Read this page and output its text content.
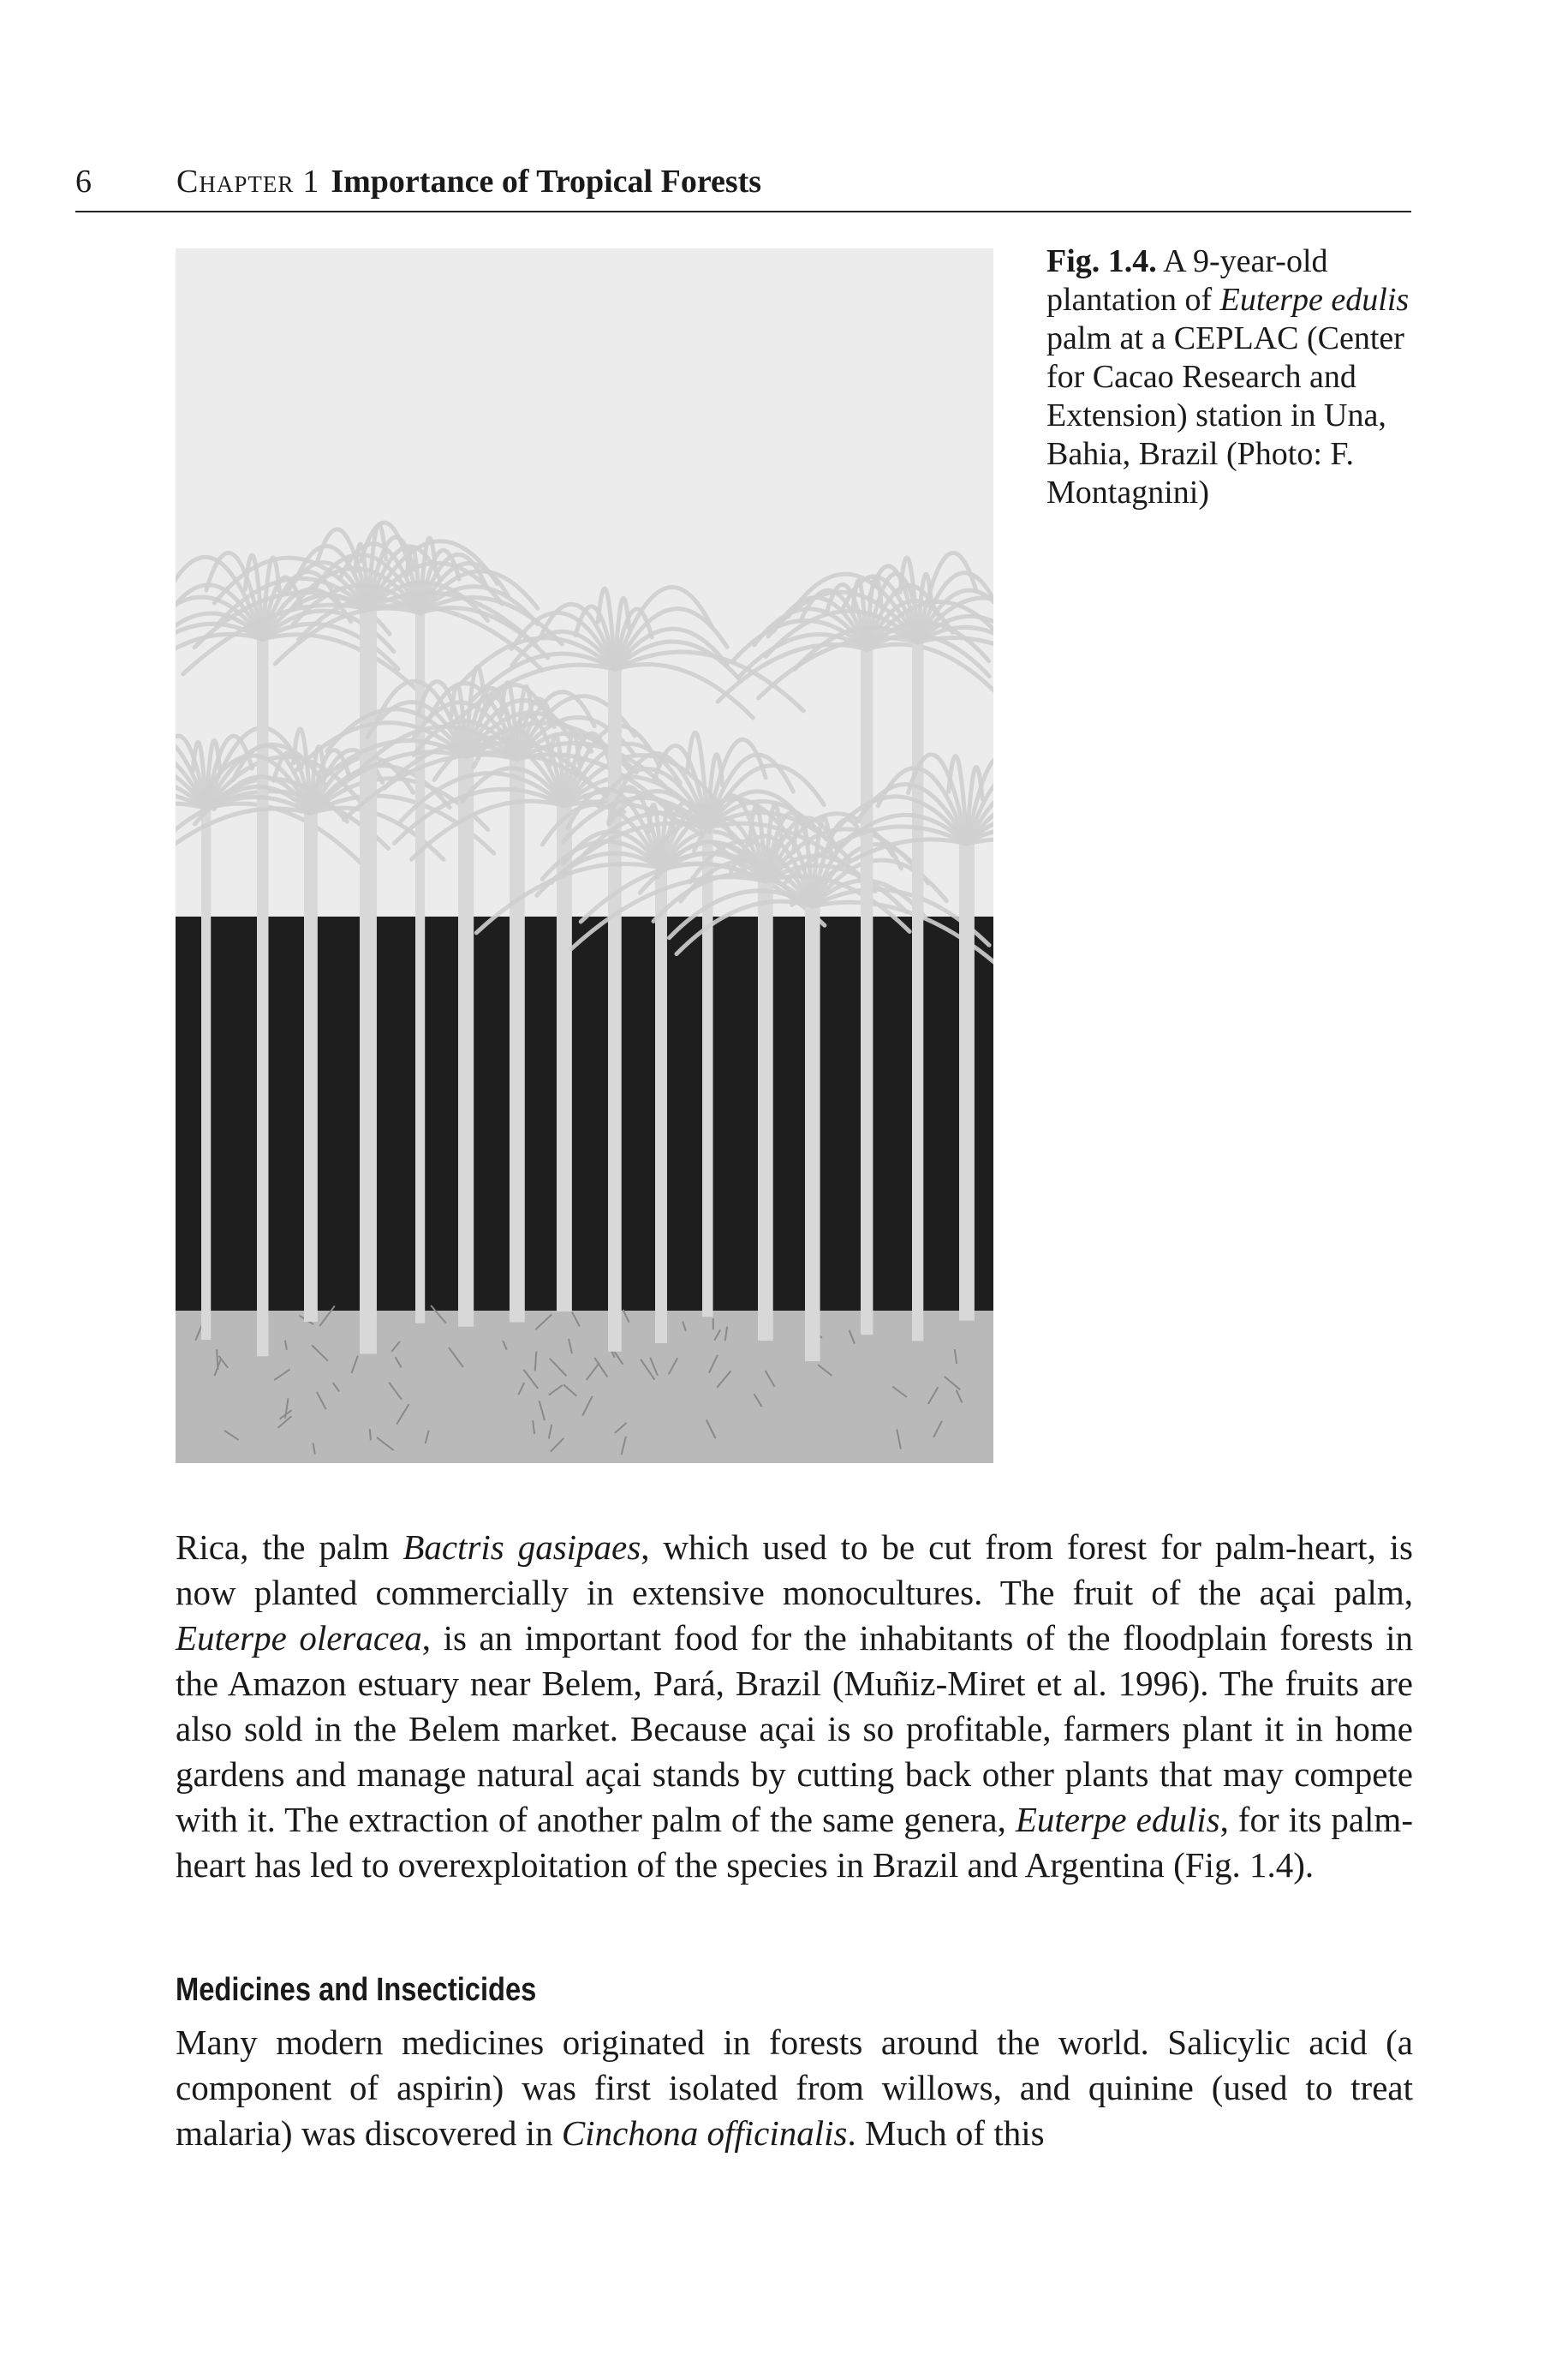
6	Chapter 1 Importance of Tropical Forests
Fig. 1.4. A 9-year-old plantation of Euterpe edulis palm at a CEPLAC (Center for Cacao Research and Extension) station in Una, Bahia, Brazil (Photo: F. Montagnini)

Rica, the palm Bactris gasipaes, which used to be cut from forest for palm-heart, is now planted commercially in extensive monocultures. The fruit of the açai palm, Euterpe oleracea, is an important food for the inhabitants of the floodplain forests in the Amazon estuary near Belem, Pará, Brazil (Muñiz-Miret et al. 1996). The fruits are also sold in the Belem market. Because açai is so profitable, farmers plant it in home gardens and manage natural açai stands by cutting back other plants that may compete with it. The extraction of another palm of the same genera, Euterpe edulis, for its palm-heart has led to overexploitation of the species in Brazil and Argentina (Fig. 1.4).

Medicines and Insecticides

Many modern medicines originated in forests around the world. Salicylic acid (a component of aspirin) was first isolated from willows, and quinine (used to treat malaria) was discovered in Cinchona officinalis. Much of this
